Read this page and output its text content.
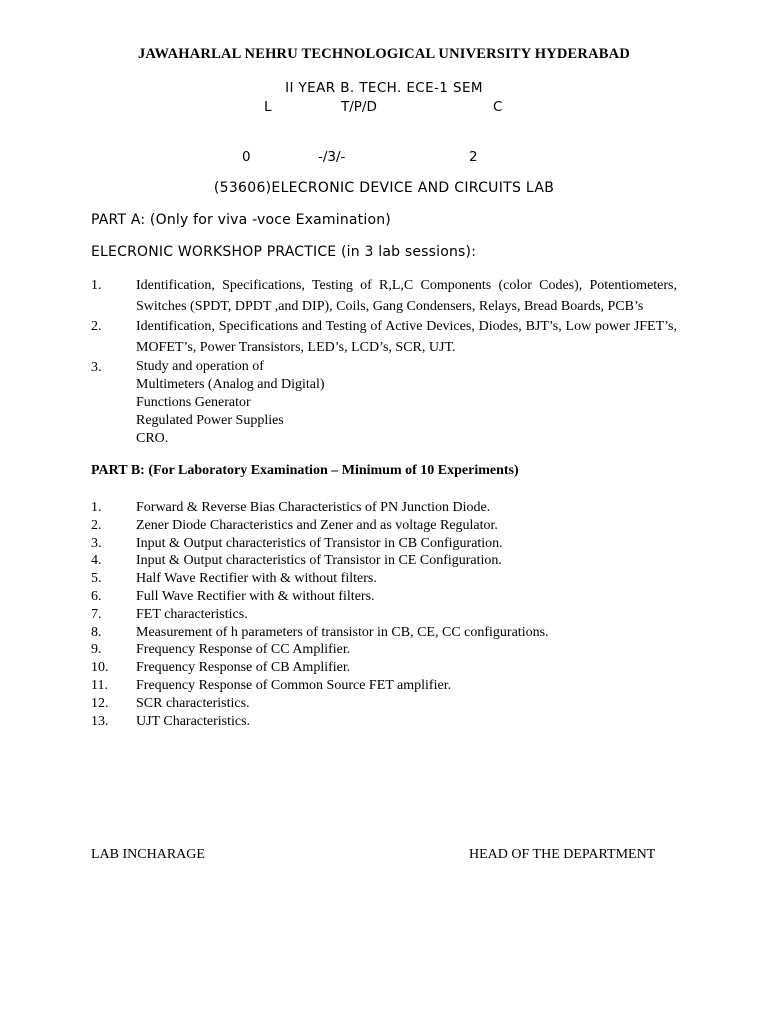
JAWAHARLAL NEHRU TECHNOLOGICAL UNIVERSITY HYDERABAD
II YEAR B. TECH. ECE-1 SEM
L	T/P/D	C
0	-/3/-	2
(53606)ELECRONIC DEVICE AND CIRCUITS LAB
PART A: (Only for viva -voce Examination)
ELECRONIC WORKSHOP PRACTICE (in 3 lab sessions):
1.	Identification, Specifications, Testing of R,L,C Components (color Codes), Potentiometers, Switches (SPDT, DPDT ,and DIP), Coils, Gang Condensers, Relays, Bread Boards, PCB’s
2.	Identification, Specifications and Testing of Active Devices, Diodes, BJT’s, Low power JFET’s, MOFET’s, Power Transistors, LED’s, LCD’s, SCR, UJT.
3.	Study and operation of
Multimeters (Analog and Digital)
Functions Generator
Regulated Power Supplies
CRO.
PART B: (For Laboratory Examination – Minimum of 10 Experiments)
1.	Forward & Reverse Bias Characteristics of PN Junction Diode.
2.	Zener Diode Characteristics and Zener and as voltage Regulator.
3.	Input & Output characteristics of Transistor in CB Configuration.
4.	Input & Output characteristics of Transistor in CE Configuration.
5.	Half Wave Rectifier with & without filters.
6.	Full Wave Rectifier with & without filters.
7.	FET characteristics.
8.	Measurement of h parameters of transistor in CB, CE, CC configurations.
9.	Frequency Response of CC Amplifier.
10.	Frequency Response of CB Amplifier.
11.	Frequency Response of Common Source FET amplifier.
12.	SCR characteristics.
13.	UJT Characteristics.
LAB INCHARAGE	HEAD OF THE DEPARTMENT
